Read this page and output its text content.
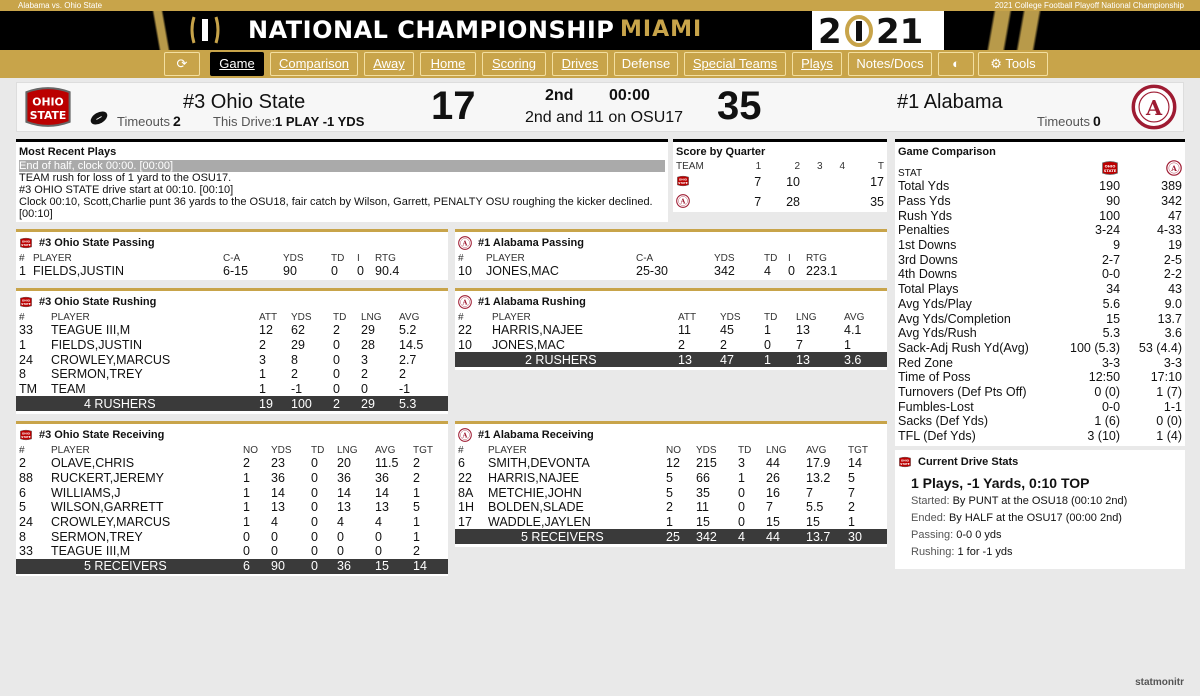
Alabama vs. Ohio State	2021 College Football Playoff National Championship
NATIONAL CHAMPIONSHIP MIAMI	2 21
⟳	Game	Comparison	Away	Home	Scoring	Drives	Defense	Special Teams	Plays	Notes/Docs	◐	⚙ Tools
#3 Ohio State
Timeouts 2 This Drive: 1 PLAY -1 YDS 17	2nd 00:00
2nd and 11 on OSU17 35	#1 Alabama
Timeouts 0
Most Recent Plays
End of half, clock 00:00. [00:00]
TEAM rush for loss of 1 yard to the OSU17.
#3 OHIO STATE drive start at 00:10. [00:10]
Clock 00:10, Scott,Charlie punt 36 yards to the OSU18, fair catch by Wilson, Garrett, PENALTY OSU roughing the kicker declined.
[00:10]
Score by Quarter
TEAM	1	2	3	4	T
	7	10			17
	7	28			35
#3 Ohio State Passing
#	PLAYER	C-A	YDS	TD	I	RTG
1	FIELDS,JUSTIN	6-15	90	0	0	90.4
#1 Alabama Passing
#	PLAYER	C-A	YDS	TD	I	RTG
10	JONES,MAC	25-30	342	4	0	223.1
#3 Ohio State Rushing
#	PLAYER	ATT	YDS	TD	LNG	AVG
33	TEAGUE III,M	12	62	2	29	5.2
1	FIELDS,JUSTIN	2	29	0	28	14.5
24	CROWLEY,MARCUS	3	8	0	3	2.7
8	SERMON,TREY	1	2	0	2	2
TM	TEAM	1	-1	0	0	-1
	4 RUSHERS	19	100	2	29	5.3
#1 Alabama Rushing
#	PLAYER	ATT	YDS	TD	LNG	AVG
22	HARRIS,NAJEE	11	45	1	13	4.1
10	JONES,MAC	2	2	0	7	1
	2 RUSHERS	13	47	1	13	3.6
#3 Ohio State Receiving
#	PLAYER	NO	YDS	TD	LNG	AVG	TGT
2	OLAVE,CHRIS	2	23	0	20	11.5	2
88	RUCKERT,JEREMY	1	36	0	36	36	2
6	WILLIAMS,J	1	14	0	14	14	1
5	WILSON,GARRETT	1	13	0	13	13	5
24	CROWLEY,MARCUS	1	4	0	4	4	1
8	SERMON,TREY	0	0	0	0	0	1
33	TEAGUE III,M	0	0	0	0	0	2
	5 RECEIVERS	6	90	0	36	15	14
#1 Alabama Receiving
#	PLAYER	NO	YDS	TD	LNG	AVG	TGT
6	SMITH,DEVONTA	12	215	3	44	17.9	14
22	HARRIS,NAJEE	5	66	1	26	13.2	5
8A	METCHIE,JOHN	5	35	0	16	7	7
1H	BOLDEN,SLADE	2	11	0	7	5.5	2
17	WADDLE,JAYLEN	1	15	0	15	15	1
	5 RECEIVERS	25	342	4	44	13.7	30
Game Comparison
STAT		
Total Yds	190	389
Pass Yds	90	342
Rush Yds	100	47
Penalties	3-24	4-33
1st Downs	9	19
3rd Downs	2-7	2-5
4th Downs	0-0	2-2
Total Plays	34	43
Avg Yds/Play	5.6	9.0
Avg Yds/Completion	15	13.7
Avg Yds/Rush	5.3	3.6
Sack-Adj Rush Yd(Avg)	100 (5.3)	53 (4.4)
Red Zone	3-3	3-3
Time of Poss	12:50	17:10
Turnovers (Def Pts Off)	0 (0)	1 (7)
Fumbles-Lost	0-0	1-1
Sacks (Def Yds)	1 (6)	0 (0)
TFL (Def Yds)	3 (10)	1 (4)
Current Drive Stats
1 Plays, -1 Yards, 0:10 TOP
Started: By PUNT at the OSU18 (00:10 2nd)
Ended: By HALF at the OSU17 (00:00 2nd)
Passing: 0-0 0 yds
Rushing: 1 for -1 yds
statmonitr
